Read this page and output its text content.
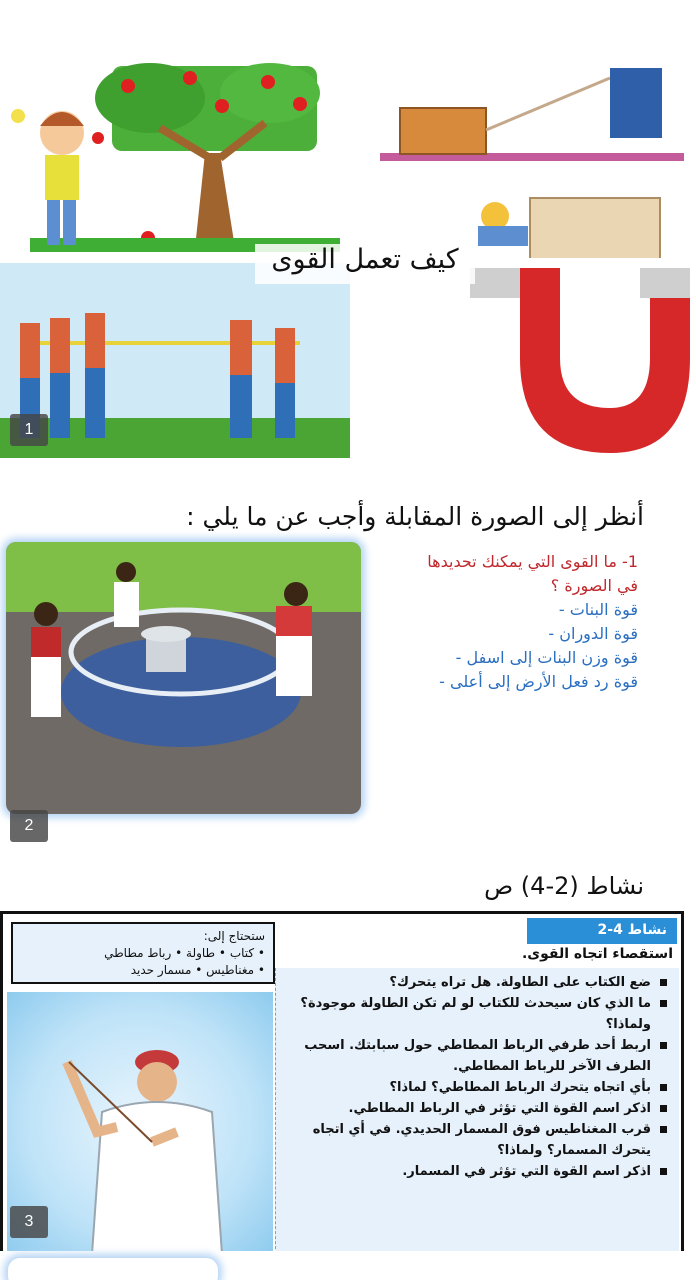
كيف تعمل القوى
1
أنظر إلى الصورة المقابلة وأجب عن ما يلي :
1- ما القوى التي يمكنك تحديدها
في الصورة ؟
قوة البنات -
قوة الدوران -
قوة وزن البنات إلى اسفل -
قوة رد فعل الأرض إلى أعلى -
2
نشاط (2-4) ص
ستحتاج إلى:
• كتاب • طاولة • رباط مطاطي
• مغناطيس • مسمار حديد
نشاط 4-2
استقصاء اتجاه القوى.
ضع الكتاب على الطاولة. هل تراه يتحرك؟
ما الذي كان سيحدث للكتاب لو لم تكن الطاولة موجودة؟ ولماذا؟
اربط أحد طرفي الرباط المطاطي حول سبابتك. اسحب الطرف الآخر للرباط المطاطي.
بأي اتجاه يتحرك الرباط المطاطي؟ لماذا؟
اذكر اسم القوة التي تؤثر في الرباط المطاطي.
قرب المغناطيس فوق المسمار الحديدي. في أي اتجاه يتحرك المسمار؟ ولماذا؟
اذكر اسم القوة التي تؤثر في المسمار.
3
